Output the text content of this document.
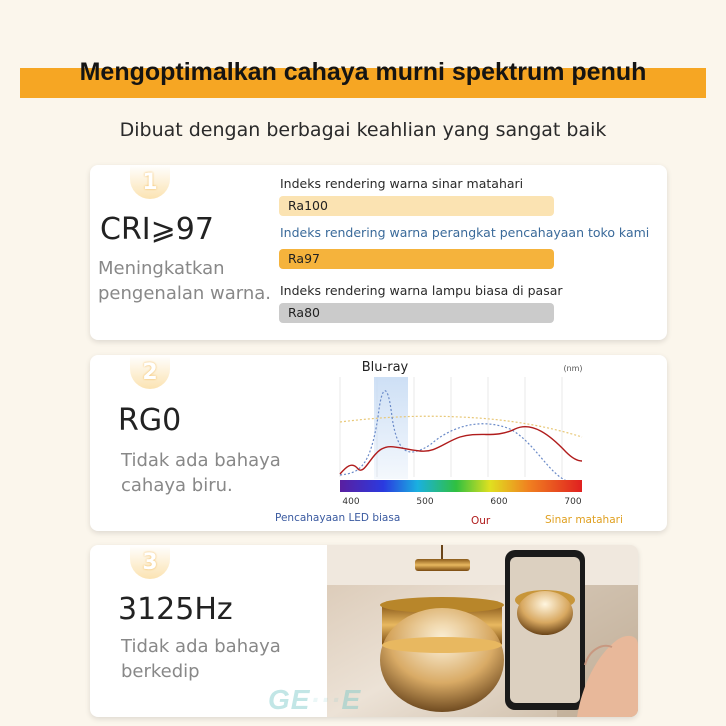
Mengoptimalkan cahaya murni spektrum penuh
Dibuat dengan berbagai keahlian yang sangat baik
1
CRI⩾97
Meningkatkan
pengenalan warna.
Indeks rendering warna sinar matahari
Ra100
Indeks rendering warna perangkat pencahayaan toko kami
Ra97
Indeks rendering warna lampu biasa di pasar
Ra80
2
RG0
Tidak ada bahaya
cahaya biru.
Blu-ray	(nm)
400	500	600	700
Pencahayaan LED biasa	Our	Sinar matahari
3
3125Hz
Tidak ada bahaya
berkedip
GE···E
